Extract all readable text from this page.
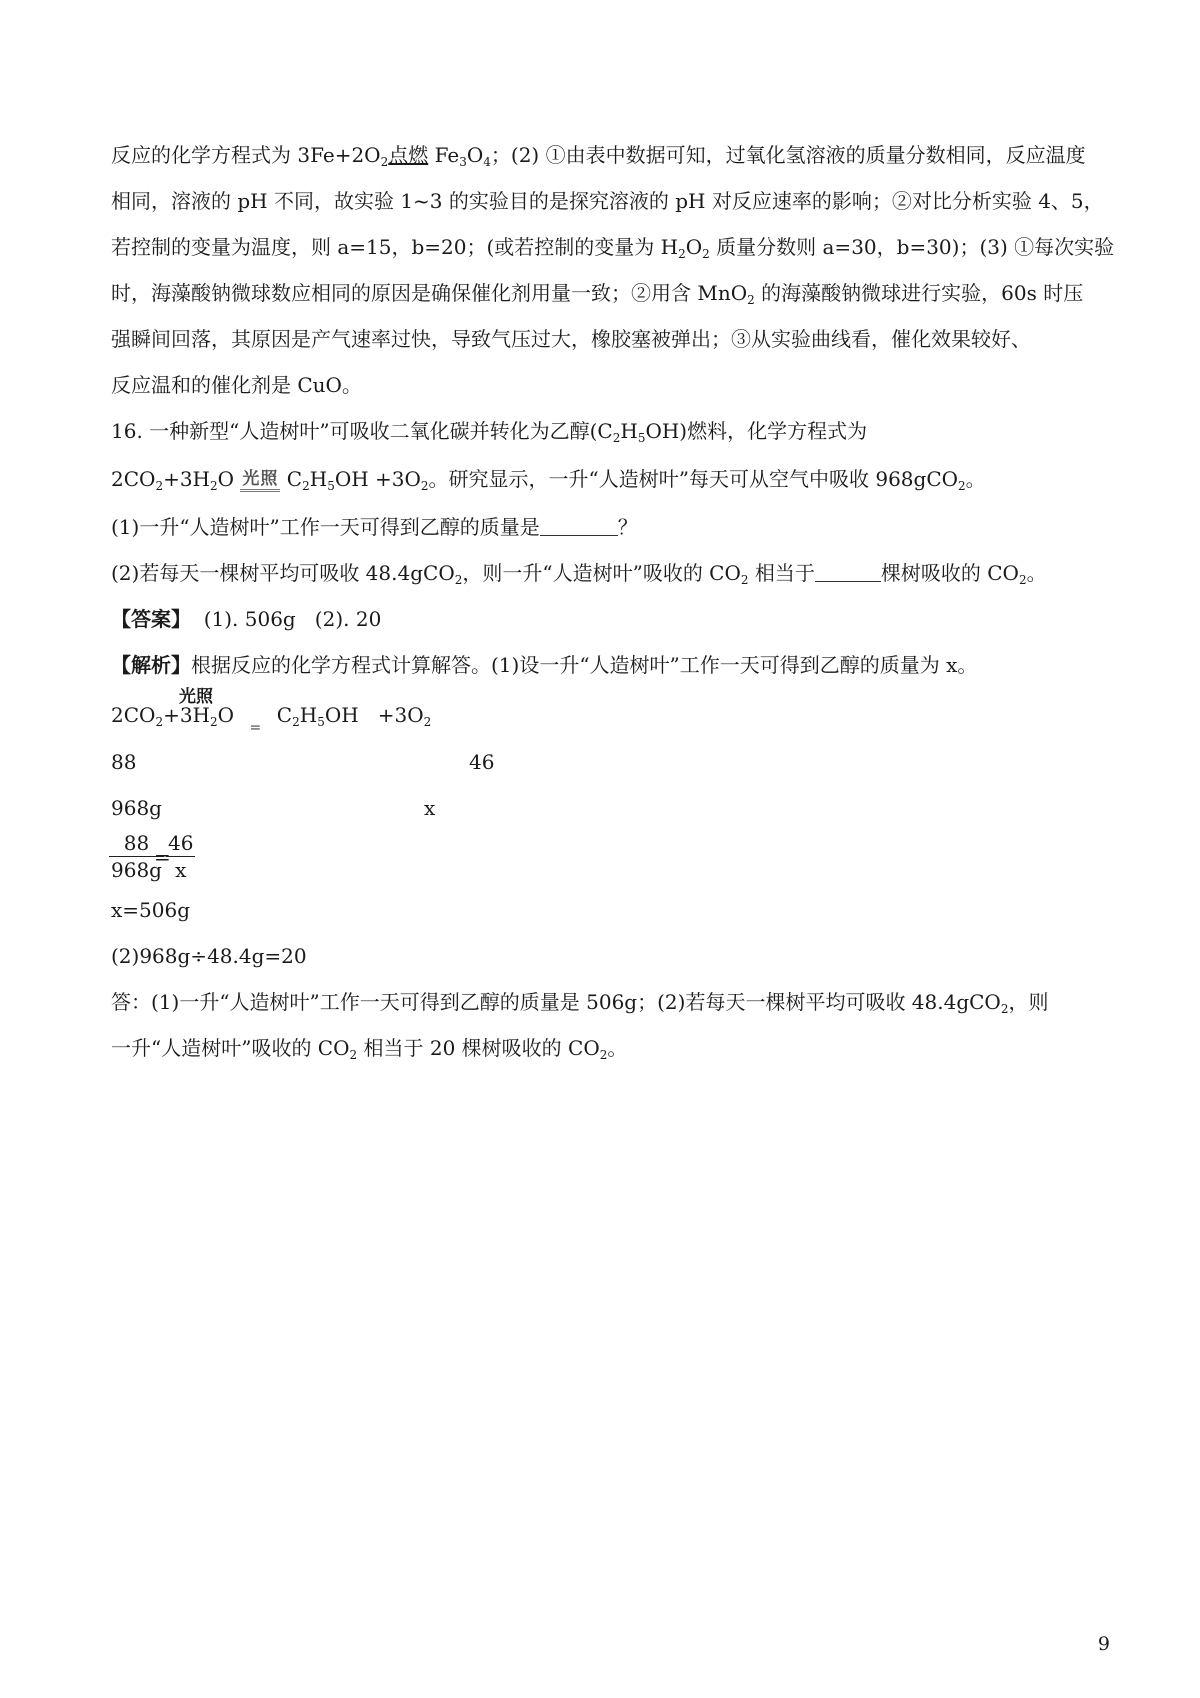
反应的化学方程式为 $3Fe+2O_2$点燃 $Fe_3O_4$；(2) ①由表中数据可知，过氧化氢溶液的质量分数相同，反应温度
相同，溶液的 pH 不同，故实验 1~3 的实验目的是探究溶液的 pH 对反应速率的影响；②对比分析实验 4、5，
若控制的变量为温度，则 a=15，b=20；(或若控制的变量为 $H_2O_2$ 质量分数则 a=30，b=30)；(3) ①每次实验
时，海藻酸钠微球数应相同的原因是确保催化剂用量一致；②用含 MnO$_2$ 的海藻酸钠微球进行实验，60s 时压
强瞬间回落，其原因是产气速率过快，导致气压过大，橡胶塞被弹出；③从实验曲线看，催化效果较好、
反应温和的催化剂是 CuO。
16. 一种新型“人造树叶”可吸收二氧化碳并转化为乙醇$(C_2H_5OH)$燃料，化学方程式为
$2CO_2+3H_2O$ 光照 $C_2H_5OH +3O_2$。研究显示，一升“人造树叶”每天可从空气中吸收 968gCO$_2$。
(1)一升“人造树叶”工作一天可得到乙醇的质量是	？
(2)若每天一棵树平均可吸收 48.4gCO$_2$，则一升“人造树叶”吸收的 $CO_2$ 相当于	棵树吸收的 $CO_2$。
【答案】  (1). 506g   (2). 20
【解析】根据反应的化学方程式计算解答。(1)设一升“人造树叶”工作一天可得到乙醇的质量为 x。
光照
$2CO_2+3H_2O = C_2H_5OH +3O_2$
88	46
968g	x
$\frac{88}{968g}$
=
$\frac{46}{x}$
x=506g
(2)968g÷48.4g=20
答：(1)一升“人造树叶”工作一天可得到乙醇的质量是 506g；(2)若每天一棵树平均可吸收 48.4gCO$_2$，则
一升“人造树叶”吸收的 $CO_2$ 相当于 20 棵树吸收的 $CO_2$。
9
